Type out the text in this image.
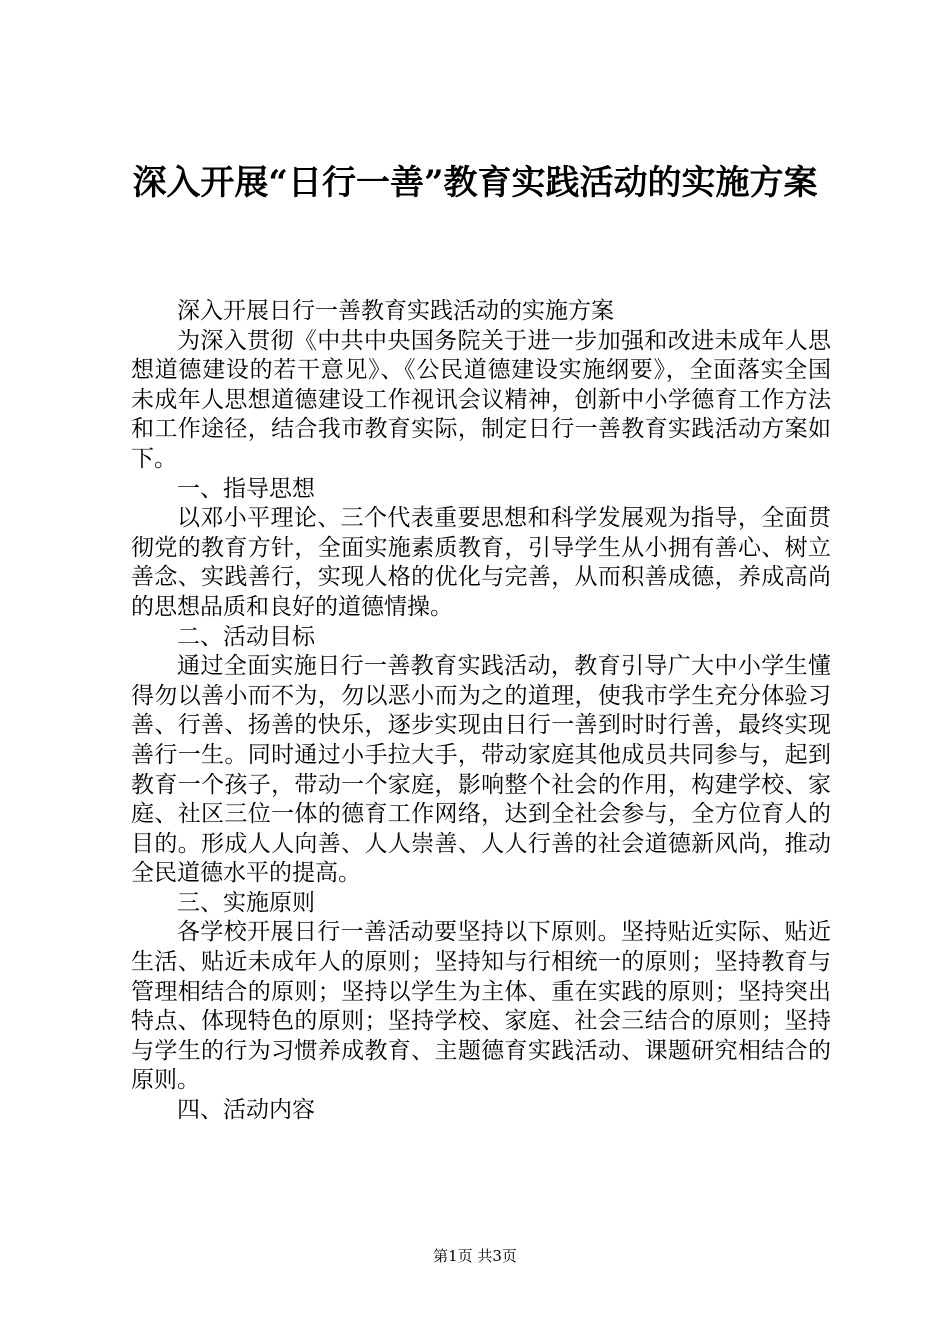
深入开展“日行一善”教育实践活动的实施方案

深入开展日行一善教育实践活动的实施方案

为深入贯彻《中共中央国务院关于进一步加强和改进未成年人思想道德建设的若干意见》、《公民道德建设实施纲要》，全面落实全国未成年人思想道德建设工作视讯会议精神，创新中小学德育工作方法和工作途径，结合我市教育实际，制定日行一善教育实践活动方案如下。

一、指导思想

以邓小平理论、三个代表重要思想和科学发展观为指导，全面贯彻党的教育方针，全面实施素质教育，引导学生从小拥有善心、树立善念、实践善行，实现人格的优化与完善，从而积善成德，养成高尚的思想品质和良好的道德情操。

二、活动目标

通过全面实施日行一善教育实践活动，教育引导广大中小学生懂得勿以善小而不为，勿以恶小而为之的道理，使我市学生充分体验习善、行善、扬善的快乐，逐步实现由日行一善到时时行善，最终实现善行一生。同时通过小手拉大手，带动家庭其他成员共同参与，起到教育一个孩子，带动一个家庭，影响整个社会的作用，构建学校、家庭、社区三位一体的德育工作网络，达到全社会参与，全方位育人的目的。形成人人向善、人人崇善、人人行善的社会道德新风尚，推动全民道德水平的提高。

三、实施原则

各学校开展日行一善活动要坚持以下原则。坚持贴近实际、贴近生活、贴近未成年人的原则；坚持知与行相统一的原则；坚持教育与管理相结合的原则；坚持以学生为主体、重在实践的原则；坚持突出特点、体现特色的原则；坚持学校、家庭、社会三结合的原则；坚持与学生的行为习惯养成教育、主题德育实践活动、课题研究相结合的原则。

四、活动内容

第1页 共3页
